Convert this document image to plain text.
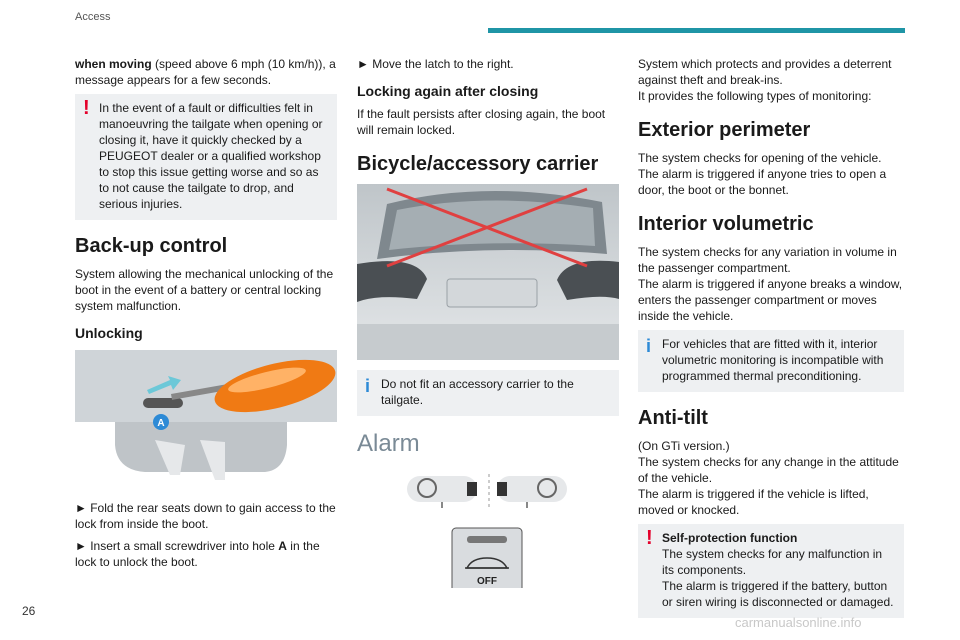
Access

when moving (speed above 6 mph (10 km/h)), a message appears for a few seconds.

! In the event of a fault or difficulties felt in manoeuvring the tailgate when opening or closing it, have it quickly checked by a PEUGEOT dealer or a qualified workshop to stop this issue getting worse and so as to not cause the tailgate to drop, and serious injuries.
Back-up control

System allowing the mechanical unlocking of the boot in the event of a battery or central locking system malfunction.

Unlocking
A

► Fold the rear seats down to gain access to the lock from inside the boot.

► Insert a small screwdriver into hole A in the lock to unlock the boot.

► Move the latch to the right.

Locking again after closing

If the fault persists after closing again, the boot will remain locked.

Bicycle/accessory carrier
i Do not fit an accessory carrier to the tailgate.
Alarm
OFF

System which protects and provides a deterrent against theft and break-ins.
It provides the following types of monitoring:

Exterior perimeter

The system checks for opening of the vehicle.
The alarm is triggered if anyone tries to open a door, the boot or the bonnet.

Interior volumetric

The system checks for any variation in volume in the passenger compartment.
The alarm is triggered if anyone breaks a window, enters the passenger compartment or moves inside the vehicle.

i For vehicles that are fitted with it, interior volumetric monitoring is incompatible with programmed thermal preconditioning.
Anti-tilt

(On GTi version.)
The system checks for any change in the attitude of the vehicle.
The alarm is triggered if the vehicle is lifted, moved or knocked.

! Self-protection function
The system checks for any malfunction in its components.
The alarm is triggered if the battery, button or siren wiring is disconnected or damaged.
26
carmanualsonline.info
